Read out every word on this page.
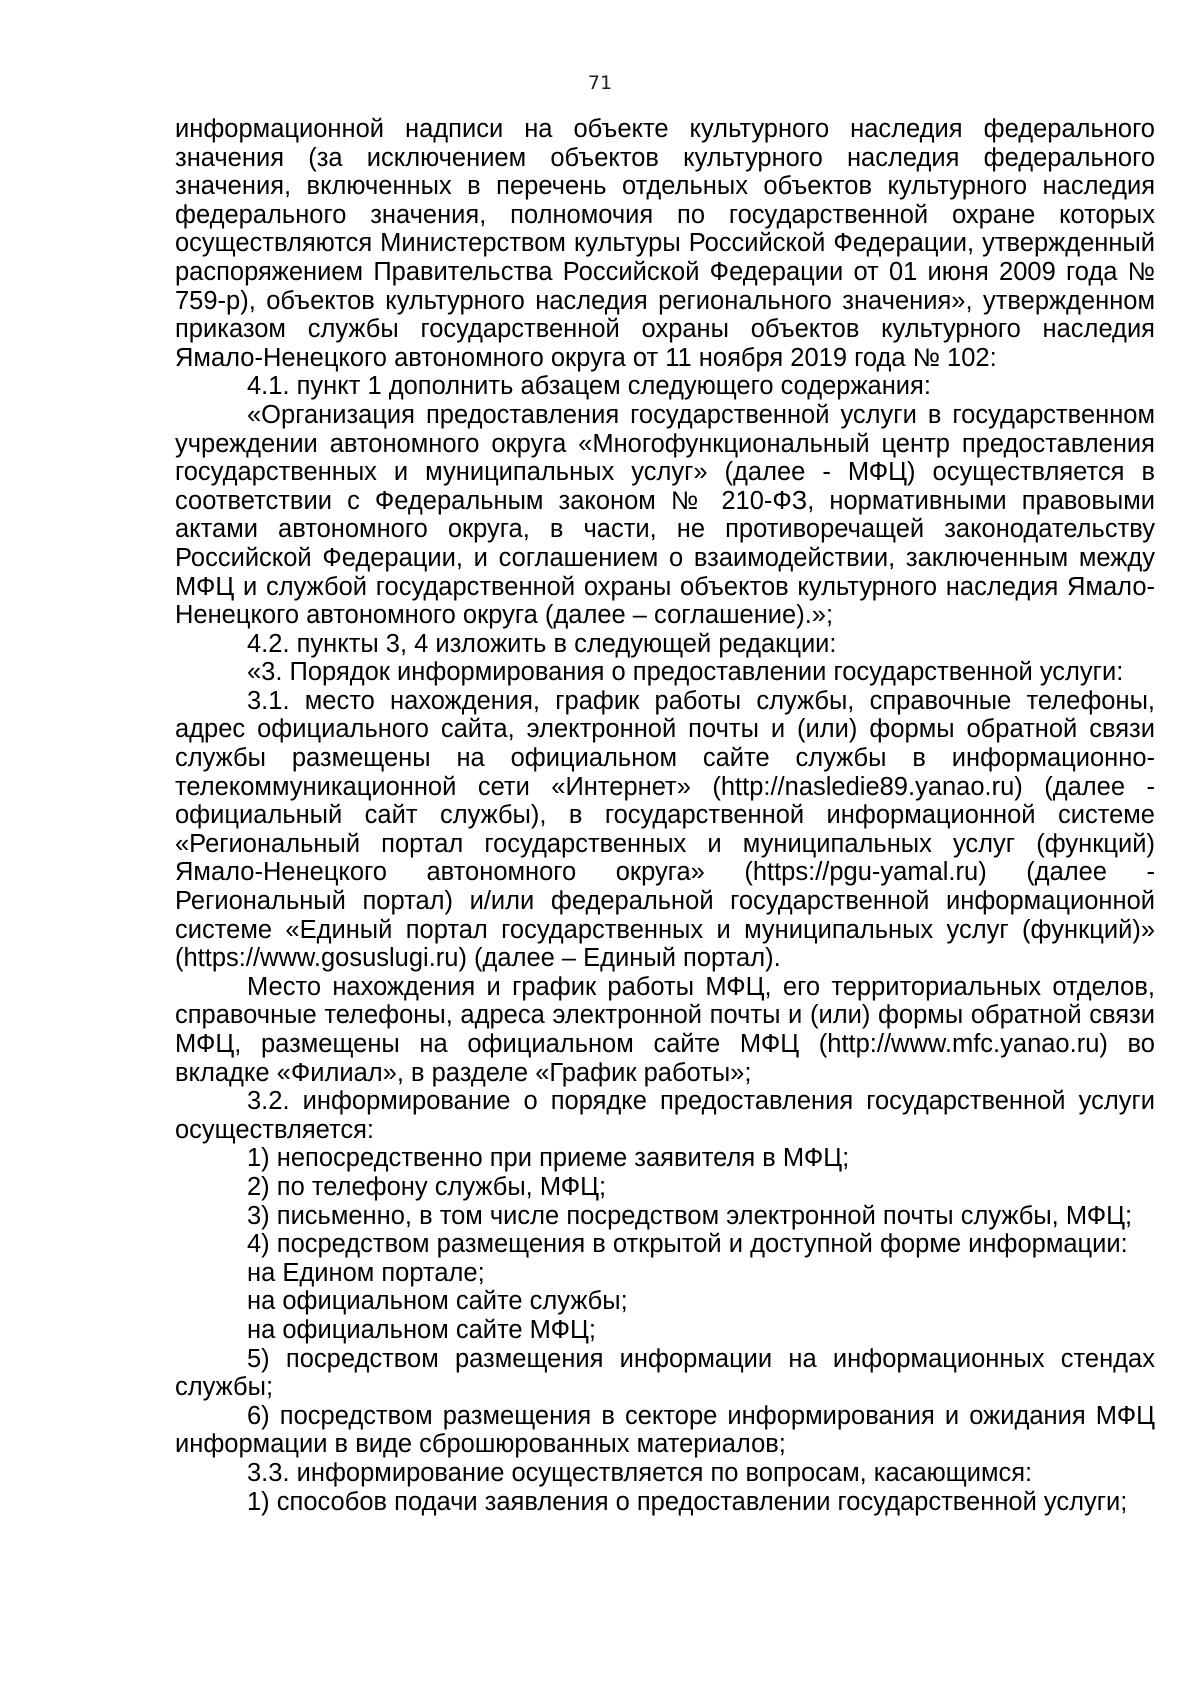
71

информационной надписи на объекте культурного наследия федерального значения (за исключением объектов культурного наследия федерального значения, включенных в перечень отдельных объектов культурного наследия федерального значения, полномочия по государственной охране которых осуществляются Министерством культуры Российской Федерации, утвержденный распоряжением Правительства Российской Федерации от 01 июня 2009 года № 759-р), объектов культурного наследия регионального значения», утвержденном приказом службы государственной охраны объектов культурного наследия Ямало-Ненецкого автономного округа от 11 ноября 2019 года № 102:

4.1. пункт 1 дополнить абзацем следующего содержания:

«Организация предоставления государственной услуги в государственном учреждении автономного округа «Многофункциональный центр предоставления государственных и муниципальных услуг» (далее - МФЦ) осуществляется в соответствии с Федеральным законом № 210-ФЗ, нормативными правовыми актами автономного округа, в части, не противоречащей законодательству Российской Федерации, и соглашением о взаимодействии, заключенным между МФЦ и службой государственной охраны объектов культурного наследия Ямало-Ненецкого автономного округа (далее – соглашение).»;

4.2. пункты 3, 4 изложить в следующей редакции:

«3. Порядок информирования о предоставлении государственной услуги:

3.1. место нахождения, график работы службы, справочные телефоны, адрес официального сайта, электронной почты и (или) формы обратной связи службы размещены на официальном сайте службы в информационно-телекоммуникационной сети «Интернет» (http://nasledie89.yanao.ru) (далее - официальный сайт службы), в государственной информационной системе «Региональный портал государственных и муниципальных услуг (функций) Ямало-Ненецкого автономного округа» (https://pgu-yamal.ru) (далее - Региональный портал) и/или федеральной государственной информационной системе «Единый портал государственных и муниципальных услуг (функций)» (https://www.gosuslugi.ru) (далее – Единый портал).

Место нахождения и график работы МФЦ, его территориальных отделов, справочные телефоны, адреса электронной почты и (или) формы обратной связи МФЦ, размещены на официальном сайте МФЦ (http://www.mfc.yanao.ru) во вкладке «Филиал», в разделе «График работы»;

3.2. информирование о порядке предоставления государственной услуги осуществляется:

1) непосредственно при приеме заявителя в МФЦ;

2) по телефону службы, МФЦ;

3) письменно, в том числе посредством электронной почты службы, МФЦ;

4) посредством размещения в открытой и доступной форме информации:

на Едином портале;

на официальном сайте службы;

на официальном сайте МФЦ;

5) посредством размещения информации на информационных стендах службы;

6) посредством размещения в секторе информирования и ожидания МФЦ информации в виде сброшюрованных материалов;

3.3. информирование осуществляется по вопросам, касающимся:

1) способов подачи заявления о предоставлении государственной услуги;
